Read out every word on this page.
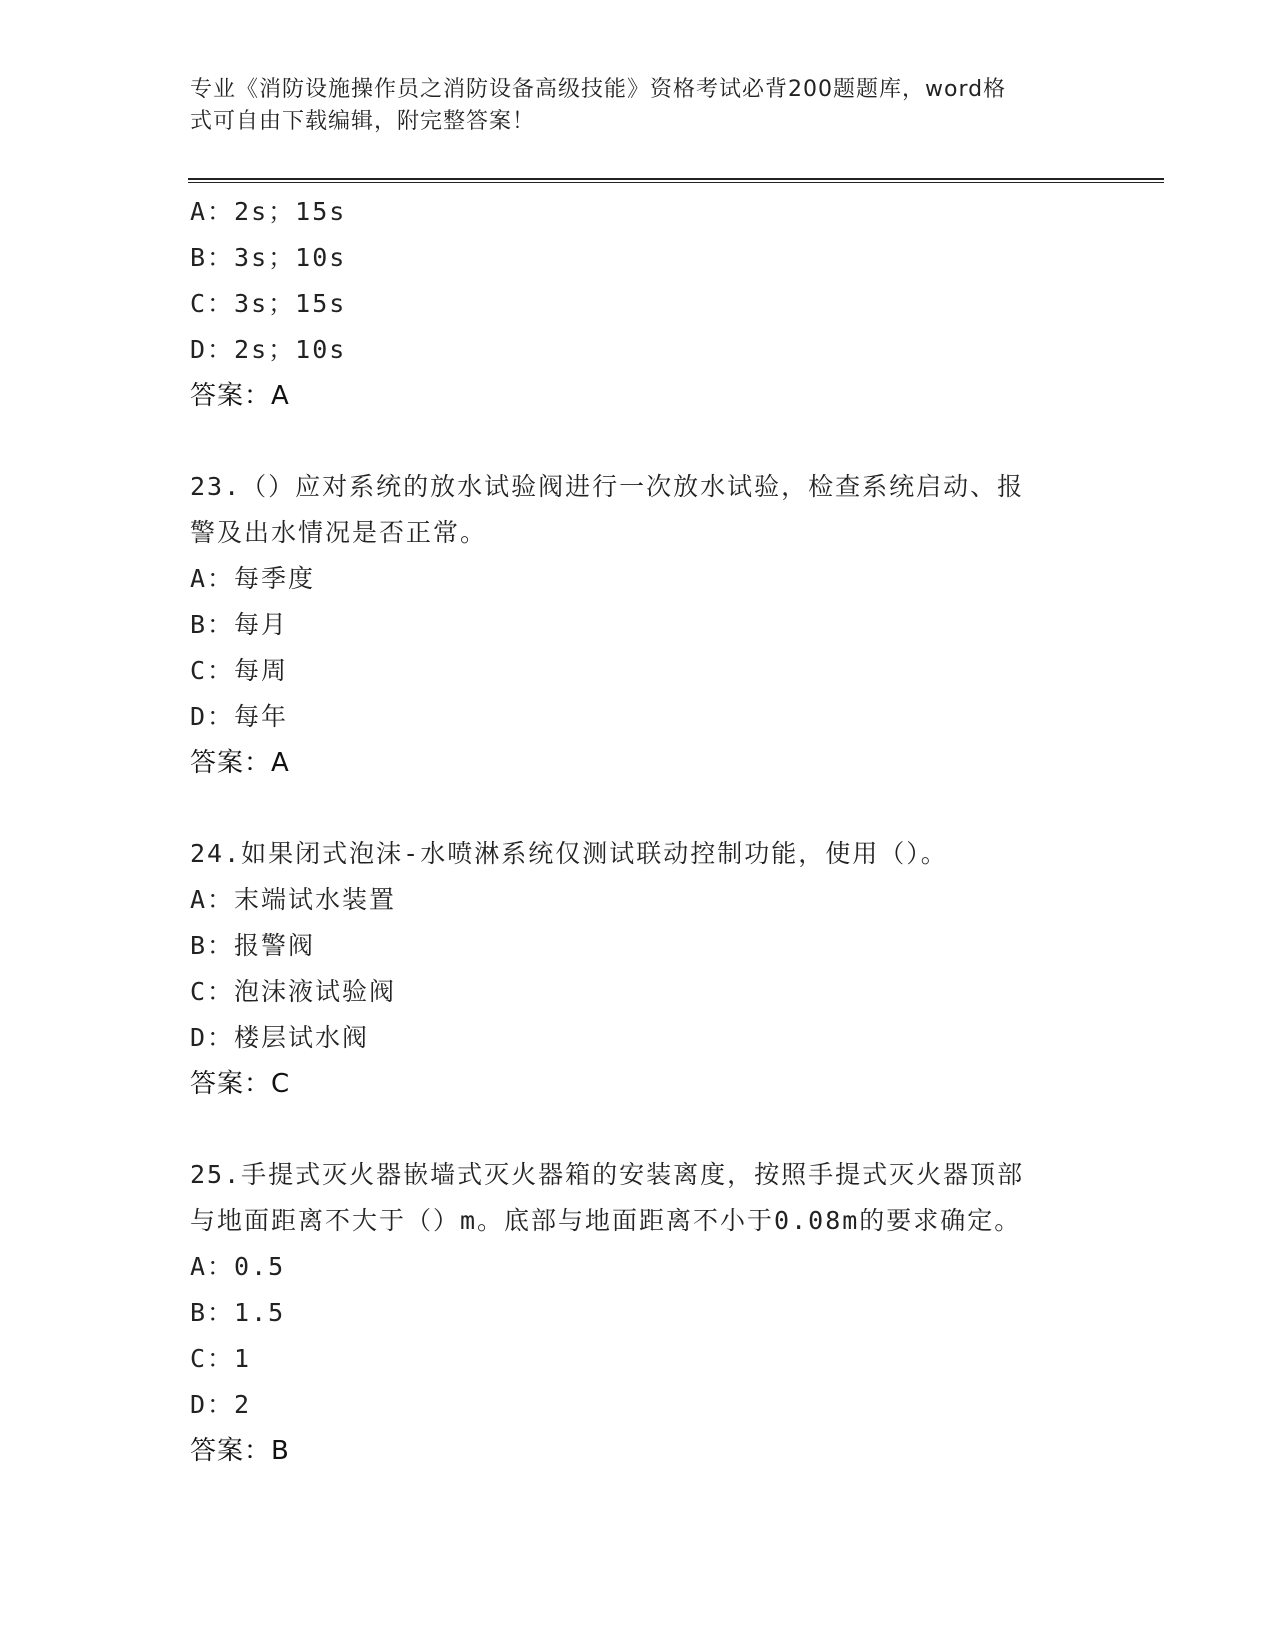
专业《消防设施操作员之消防设备高级技能》资格考试必背200题题库，word格
式可自由下载编辑，附完整答案！
A：2s；15s
B：3s；10s
C：3s；15s
D：2s；10s
答案：A
23.（）应对系统的放水试验阀进行一次放水试验，检查系统启动、报
警及出水情况是否正常。
A：每季度
B：每月
C：每周
D：每年
答案：A
24.如果闭式泡沫-水喷淋系统仅测试联动控制功能，使用（）。
A：末端试水装置
B：报警阀
C：泡沫液试验阀
D：楼层试水阀
答案：C
25.手提式灭火器嵌墙式灭火器箱的安装离度，按照手提式灭火器顶部
与地面距离不大于（）m。底部与地面距离不小于0.08m的要求确定。
A：0.5
B：1.5
C：1
D：2
答案：B
